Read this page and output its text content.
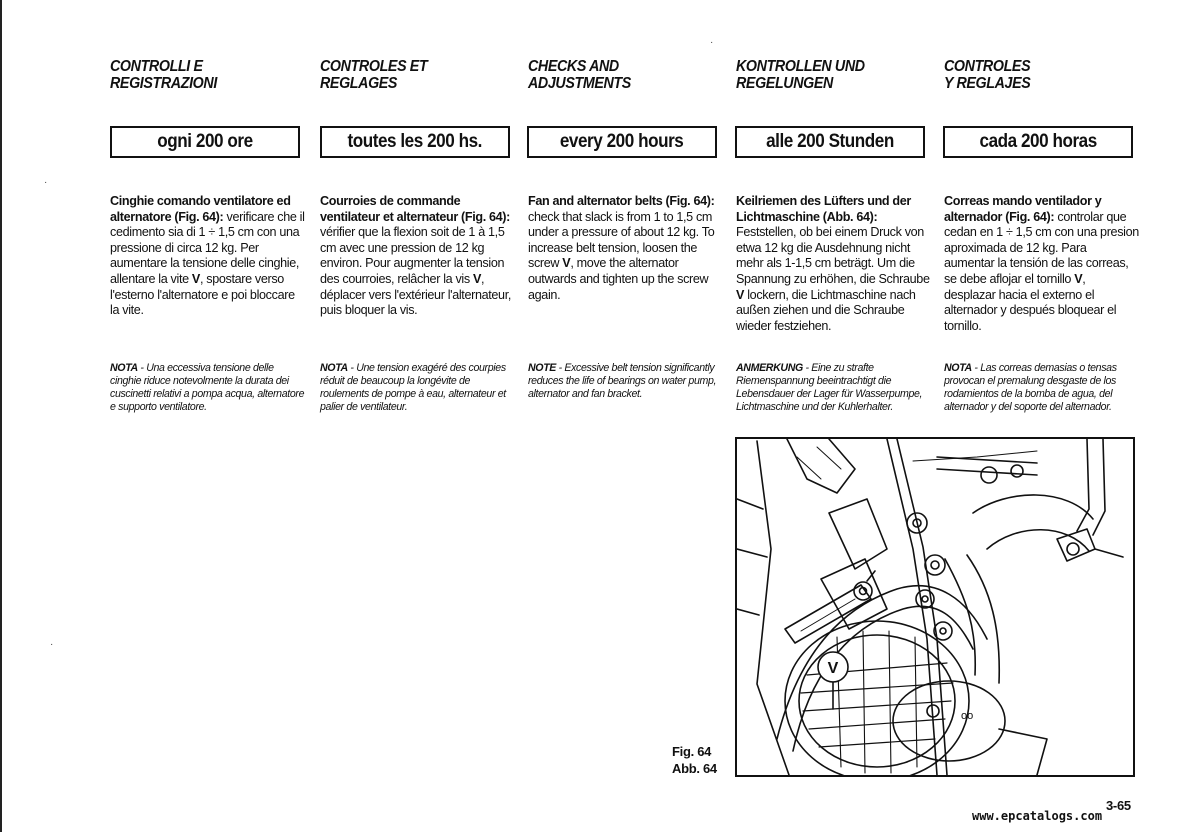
CONTROLLI E
REGISTRAZIONI
ogni 200 ore
Cinghie comando ventilatore ed alternatore (Fig. 64): verificare che il cedimento sia di 1 ÷ 1,5 cm con una pressione di circa 12 kg. Per aumentare la tensione delle cinghie, allentare la vite V, spostare verso l'esterno l'alternatore e poi bloccare la vite.
NOTA - Una eccessiva tensione delle cinghie riduce notevolmente la durata dei cuscinetti relativi a pompa acqua, alternatore e supporto ventilatore.
CONTROLES ET
REGLAGES
toutes les 200 hs.
Courroies de commande ventilateur et alternateur (Fig. 64): vérifier que la flexion soit de 1 à 1,5 cm avec une pression de 12 kg environ. Pour augmenter la tension des courroies, relâcher la vis V, déplacer vers l'extérieur l'alternateur, puis bloquer la vis.
NOTA - Une tension exagéré des courpies réduit de beaucoup la longévite de roulements de pompe à eau, alternateur et palier de ventilateur.
CHECKS AND
ADJUSTMENTS
every 200 hours
Fan and alternator belts (Fig. 64): check that slack is from 1 to 1,5 cm under a pressure of about 12 kg. To increase belt tension, loosen the screw V, move the alternator outwards and tighten up the screw again.
NOTE - Excessive belt tension significantly reduces the life of bearings on water pump, alternator and fan bracket.
KONTROLLEN UND
REGELUNGEN
alle 200 Stunden
Keilriemen des Lüfters und der Lichtmaschine (Abb. 64): Feststellen, ob bei einem Druck von etwa 12 kg die Ausdehnung nicht mehr als 1-1,5 cm beträgt. Um die Spannung zu erhöhen, die Schraube V lockern, die Lichtmaschine nach außen ziehen und die Schraube wieder festziehen.
ANMERKUNG - Eine zu strafte Riemenspannung beeintrachtigt die Lebensdauer der Lager für Wasserpumpe, Lichtmaschine und der Kuhlerhalter.
CONTROLES
Y REGLAJES
cada 200 horas
Correas mando ventilador y alternador (Fig. 64): controlar que cedan en 1 ÷ 1,5 cm con una presion aproximada de 12 kg. Para aumentar la tensión de las correas, se debe aflojar el tornillo V, desplazar hacia el externo el alternador y después bloquear el tornillo.
NOTA - Las correas demasias o tensas provocan el premalung desgaste de los rodamientos de la bomba de agua, del alternador y del soporte del alternador.
V
oo
Fig. 64
Abb. 64
3-65
www.epcatalogs.com
·
·
·
